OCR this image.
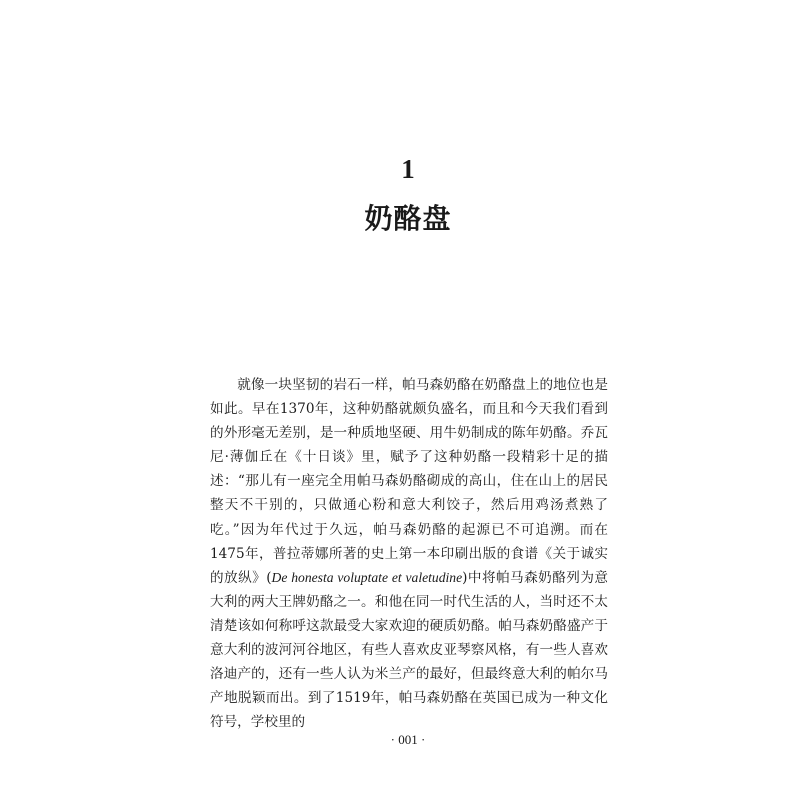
1
奶酪盘

就像一块坚韧的岩石一样，帕马森奶酪在奶酪盘上的地位也是如此。早在1370年，这种奶酪就颇负盛名，而且和今天我们看到的外形毫无差别，是一种质地坚硬、用牛奶制成的陈年奶酪。乔瓦尼·薄伽丘在《十日谈》里，赋予了这种奶酪一段精彩十足的描述：“那儿有一座完全用帕马森奶酪砌成的高山，住在山上的居民整天不干别的，只做通心粉和意大利饺子，然后用鸡汤煮熟了吃。”因为年代过于久远，帕马森奶酪的起源已不可追溯。而在1475年，普拉蒂娜所著的史上第一本印刷出版的食谱《关于诚实的放纵》(De honesta voluptate et valetudine)中将帕马森奶酪列为意大利的两大王牌奶酪之一。和他在同一时代生活的人，当时还不太清楚该如何称呼这款最受大家欢迎的硬质奶酪。帕马森奶酪盛产于意大利的波河河谷地区，有些人喜欢皮亚琴察风格，有一些人喜欢洛迪产的，还有一些人认为米兰产的最好，但最终意大利的帕尔马产地脱颖而出。到了1519年，帕马森奶酪在英国已成为一种文化符号，学校里的

· 001 ·
